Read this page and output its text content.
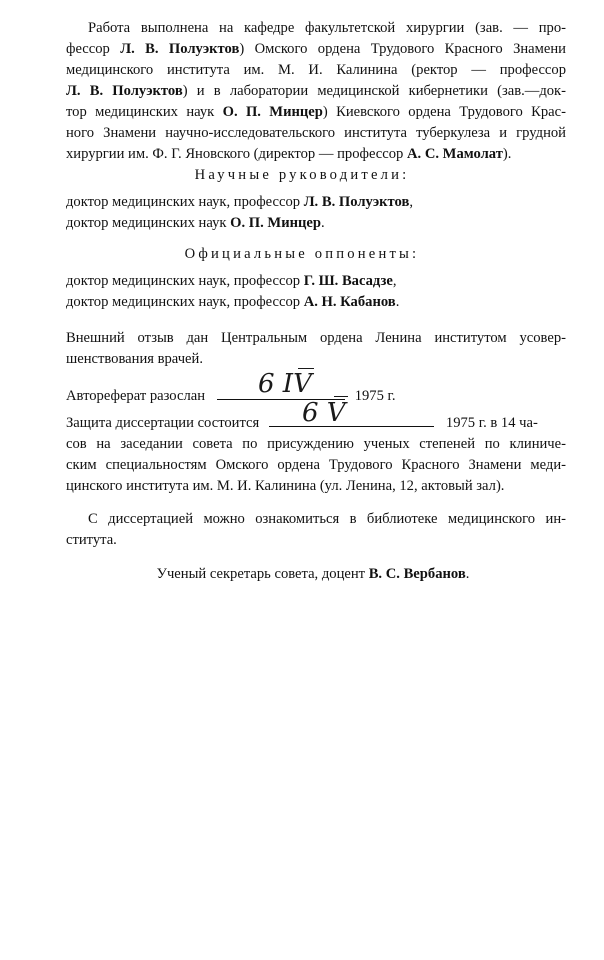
Работа выполнена на кафедре факультетской хирургии (зав. — про-
фессор Л. В. Полуэктов) Омского ордена Трудового Красного Знамени
медицинского института им. М. И. Калинина (ректор — профессор
Л. В. Полуэктов) и в лаборатории медицинской кибернетики (зав.—док-
тор медицинских наук О. П. Минцер) Киевского ордена Трудового Крас-
ного Знамени научно-исследовательского института туберкулеза и грудной
хирургии им. Ф. Г. Яновского (директор — профессор А. С. Мамолат).

Научные руководители:

доктор медицинских наук, профессор Л. В. Полуэктов,
доктор медицинских наук О. П. Минцер.

Официальные оппоненты:

доктор медицинских наук, профессор Г. Ш. Васадзе,
доктор медицинских наук, профессор А. Н. Кабанов.
Внешний отзыв дан Центральным ордена Ленина институтом усовер-
шенствования врачей.
Автореферат разослан	1975 г.
6 IV
Защита диссертации состоится	1975 г. в 14 ча-
сов на заседании совета по присуждению ученых степеней по клиниче-
ским специальностям Омского ордена Трудового Красного Знамени меди-
цинского института им. М. И. Калинина (ул. Ленина, 12, актовый зал).
6 V
С диссертацией можно ознакомиться в библиотеке медицинского ин-
ститута.

Ученый секретарь совета, доцент В. С. Вербанов.
